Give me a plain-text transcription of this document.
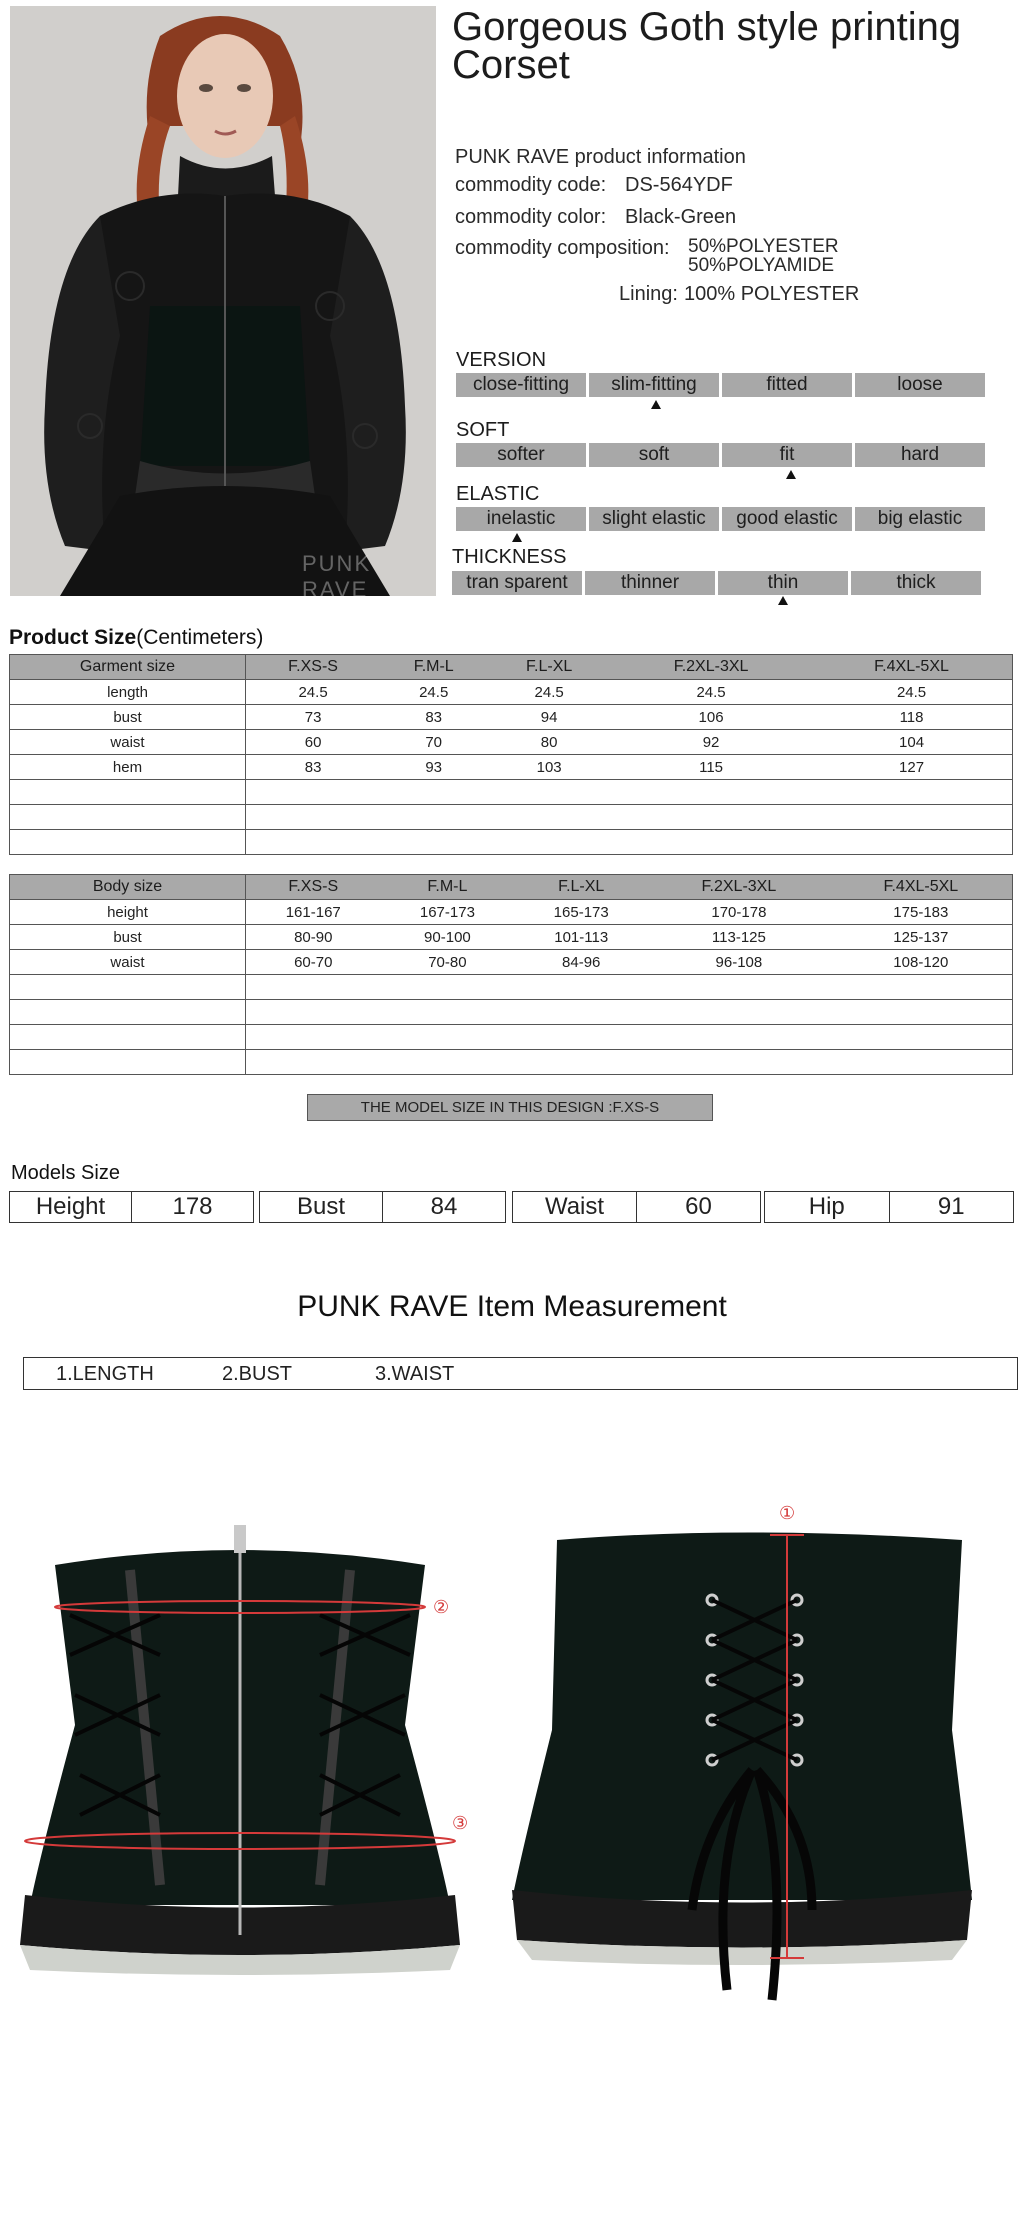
PUNK RAVE
Gorgeous Goth style printing Corset
PUNK RAVE product information
commodity code: DS-564YDF
commodity color: Black-Green
commodity composition: 50%POLYESTER
50%POLYAMIDE
Lining: 100% POLYESTER
VERSION
close-fitting	slim-fitting	fitted	loose
SOFT
softer	soft	fit	hard
ELASTIC
inelastic	slight elastic	good elastic	big elastic
THICKNESS
tran sparent	thinner	thin	thick
Product Size(Centimeters)
Garment size	F.XS-S	F.M-L	F.L-XL	F.2XL-3XL	F.4XL-5XL
length	24.5	24.5	24.5	24.5	24.5
bust	73	83	94	106	118
waist	60	70	80	92	104
hem	83	93	103	115	127

Body size	F.XS-S	F.M-L	F.L-XL	F.2XL-3XL	F.4XL-5XL
height	161-167	167-173	165-173	170-178	175-183
bust	80-90	90-100	101-113	113-125	125-137
waist	60-70	70-80	84-96	96-108	108-120

THE MODEL SIZE IN THIS DESIGN :F.XS-S
Models Size
Height	178	Bust	84	Waist	60	Hip	91
PUNK RAVE Item Measurement
1.LENGTH	2.BUST	3.WAIST
②
③
①
